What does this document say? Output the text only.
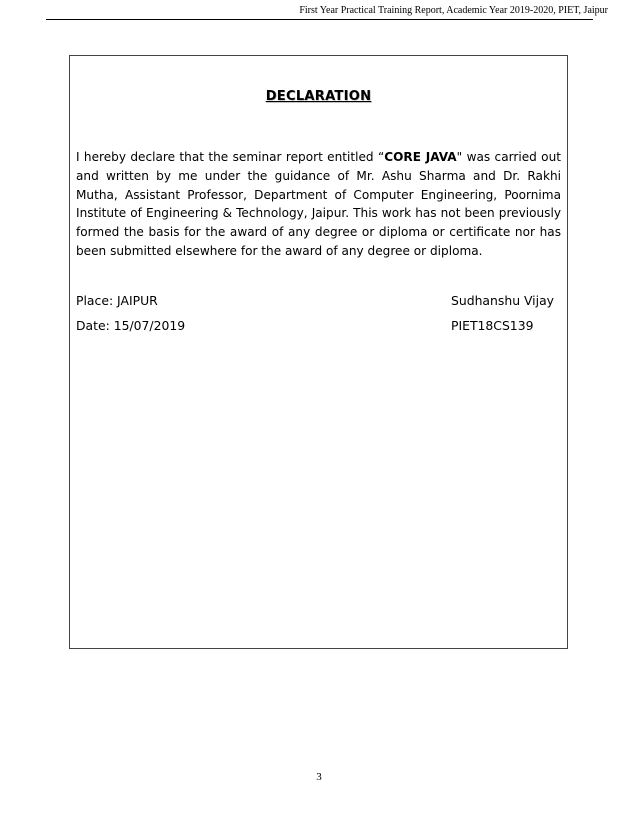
First Year Practical Training Report, Academic Year 2019-2020, PIET, Jaipur
DECLARATION

I hereby declare that the seminar report entitled “CORE JAVA" was carried out and written by me under the guidance of Mr. Ashu Sharma and Dr. Rakhi Mutha, Assistant Professor, Department of Computer Engineering, Poornima Institute of Engineering & Technology, Jaipur. This work has not been previously formed the basis for the award of any degree or diploma or certificate nor has been submitted elsewhere for the award of any degree or diploma.

Place: JAIPUR	Sudhanshu Vijay
Date: 15/07/2019	PIET18CS139
3
